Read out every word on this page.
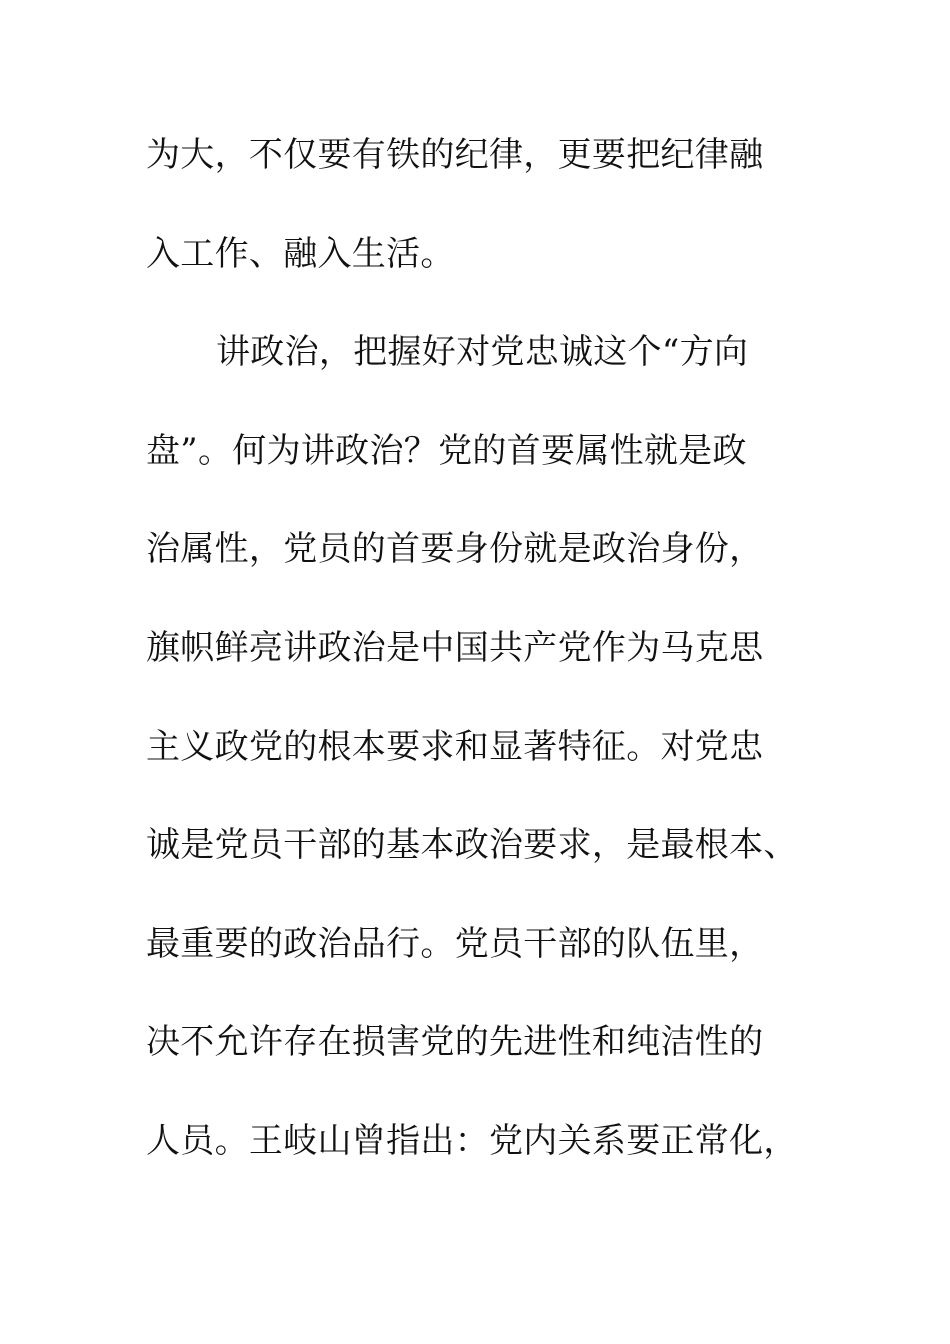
为大，不仅要有铁的纪律，更要把纪律融
入工作、融入生活。
讲政治，把握好对党忠诚这个“方向
盘”。何为讲政治？党的首要属性就是政
治属性，党员的首要身份就是政治身份，
旗帜鲜亮讲政治是中国共产党作为马克思
主义政党的根本要求和显著特征。对党忠
诚是党员干部的基本政治要求，是最根本、
最重要的政治品行。党员干部的队伍里，
决不允许存在损害党的先进性和纯洁性的
人员。王岐山曾指出：党内关系要正常化，
